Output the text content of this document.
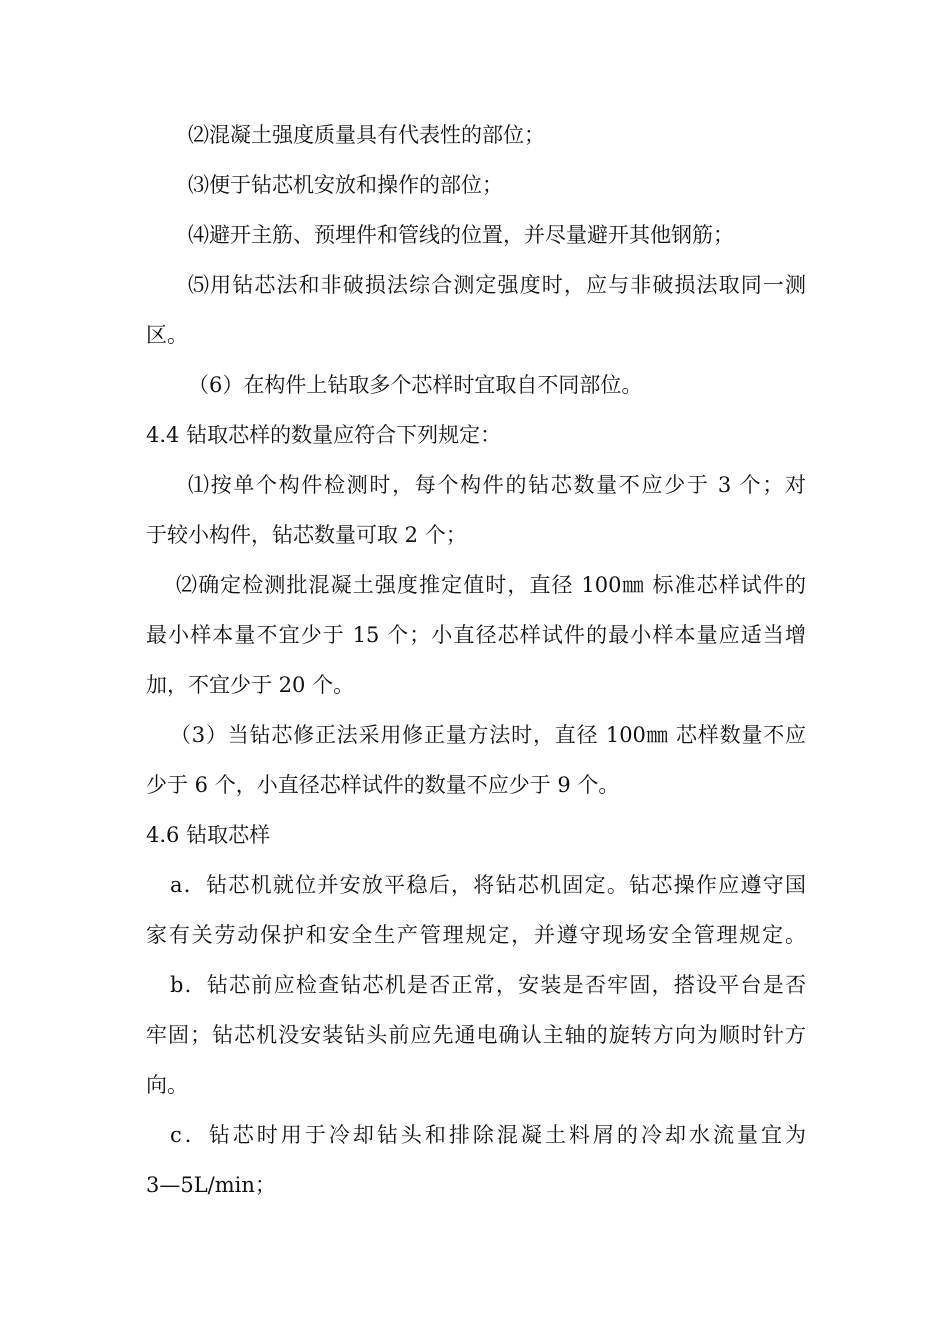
⑵混凝土强度质量具有代表性的部位；
⑶便于钻芯机安放和操作的部位；
⑷避开主筋、预埋件和管线的位置，并尽量避开其他钢筋；
⑸用钻芯法和非破损法综合测定强度时，应与非破损法取同一测
区。
（6）在构件上钻取多个芯样时宜取自不同部位。
4.4 钻取芯样的数量应符合下列规定：
⑴按单个构件检测时，每个构件的钻芯数量不应少于 3 个；对
于较小构件，钻芯数量可取 2 个；
⑵确定检测批混凝土强度推定值时，直径 100㎜ 标准芯样试件的
最小样本量不宜少于 15 个；小直径芯样试件的最小样本量应适当增
加，不宜少于 20 个。
（3）当钻芯修正法采用修正量方法时，直径 100㎜ 芯样数量不应
少于 6 个，小直径芯样试件的数量不应少于 9 个。
4.6 钻取芯样
a．钻芯机就位并安放平稳后，将钻芯机固定。钻芯操作应遵守国
家有关劳动保护和安全生产管理规定，并遵守现场安全管理规定。
b．钻芯前应检查钻芯机是否正常，安装是否牢固，搭设平台是否
牢固；钻芯机没安装钻头前应先通电确认主轴的旋转方向为顺时针方
向。
c．钻芯时用于冷却钻头和排除混凝土料屑的冷却水流量宜为
3—5L/min；
